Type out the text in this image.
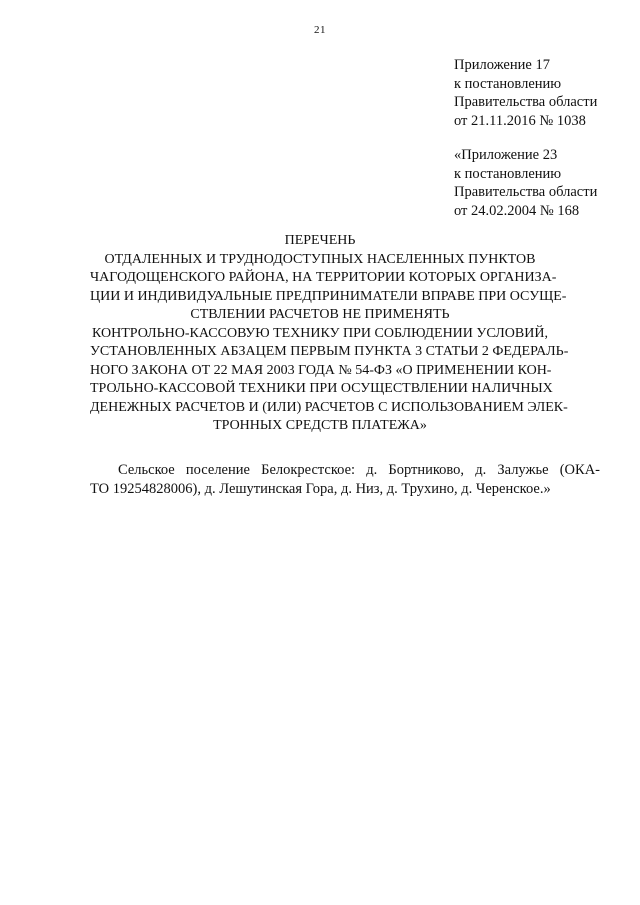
21
Приложение 17
к постановлению
Правительства области
от 21.11.2016 № 1038
«Приложение 23
к постановлению
Правительства области
от 24.02.2004 № 168
ПЕРЕЧЕНЬ
ОТДАЛЕННЫХ И ТРУДНОДОСТУПНЫХ НАСЕЛЕННЫХ ПУНКТОВ
ЧАГОДОЩЕНСКОГО РАЙОНА, НА ТЕРРИТОРИИ КОТОРЫХ ОРГАНИЗА-
ЦИИ И ИНДИВИДУАЛЬНЫЕ ПРЕДПРИНИМАТЕЛИ ВПРАВЕ ПРИ ОСУЩЕ-
СТВЛЕНИИ РАСЧЕТОВ НЕ ПРИМЕНЯТЬ
КОНТРОЛЬНО-КАССОВУЮ ТЕХНИКУ ПРИ СОБЛЮДЕНИИ УСЛОВИЙ,
УСТАНОВЛЕННЫХ АБЗАЦЕМ ПЕРВЫМ ПУНКТА 3 СТАТЬИ 2 ФЕДЕРАЛЬ-
НОГО ЗАКОНА ОТ 22 МАЯ 2003 ГОДА № 54-ФЗ «О ПРИМЕНЕНИИ КОН-
ТРОЛЬНО-КАССОВОЙ ТЕХНИКИ ПРИ ОСУЩЕСТВЛЕНИИ НАЛИЧНЫХ
ДЕНЕЖНЫХ РАСЧЕТОВ И (ИЛИ) РАСЧЕТОВ С ИСПОЛЬЗОВАНИЕМ ЭЛЕК-
ТРОННЫХ СРЕДСТВ ПЛАТЕЖА»
Сельское поселение Белокрестское: д. Бортниково, д. Залужье (ОКА-
ТО 19254828006), д. Лешутинская Гора, д. Низ, д. Трухино, д. Черенское.»
